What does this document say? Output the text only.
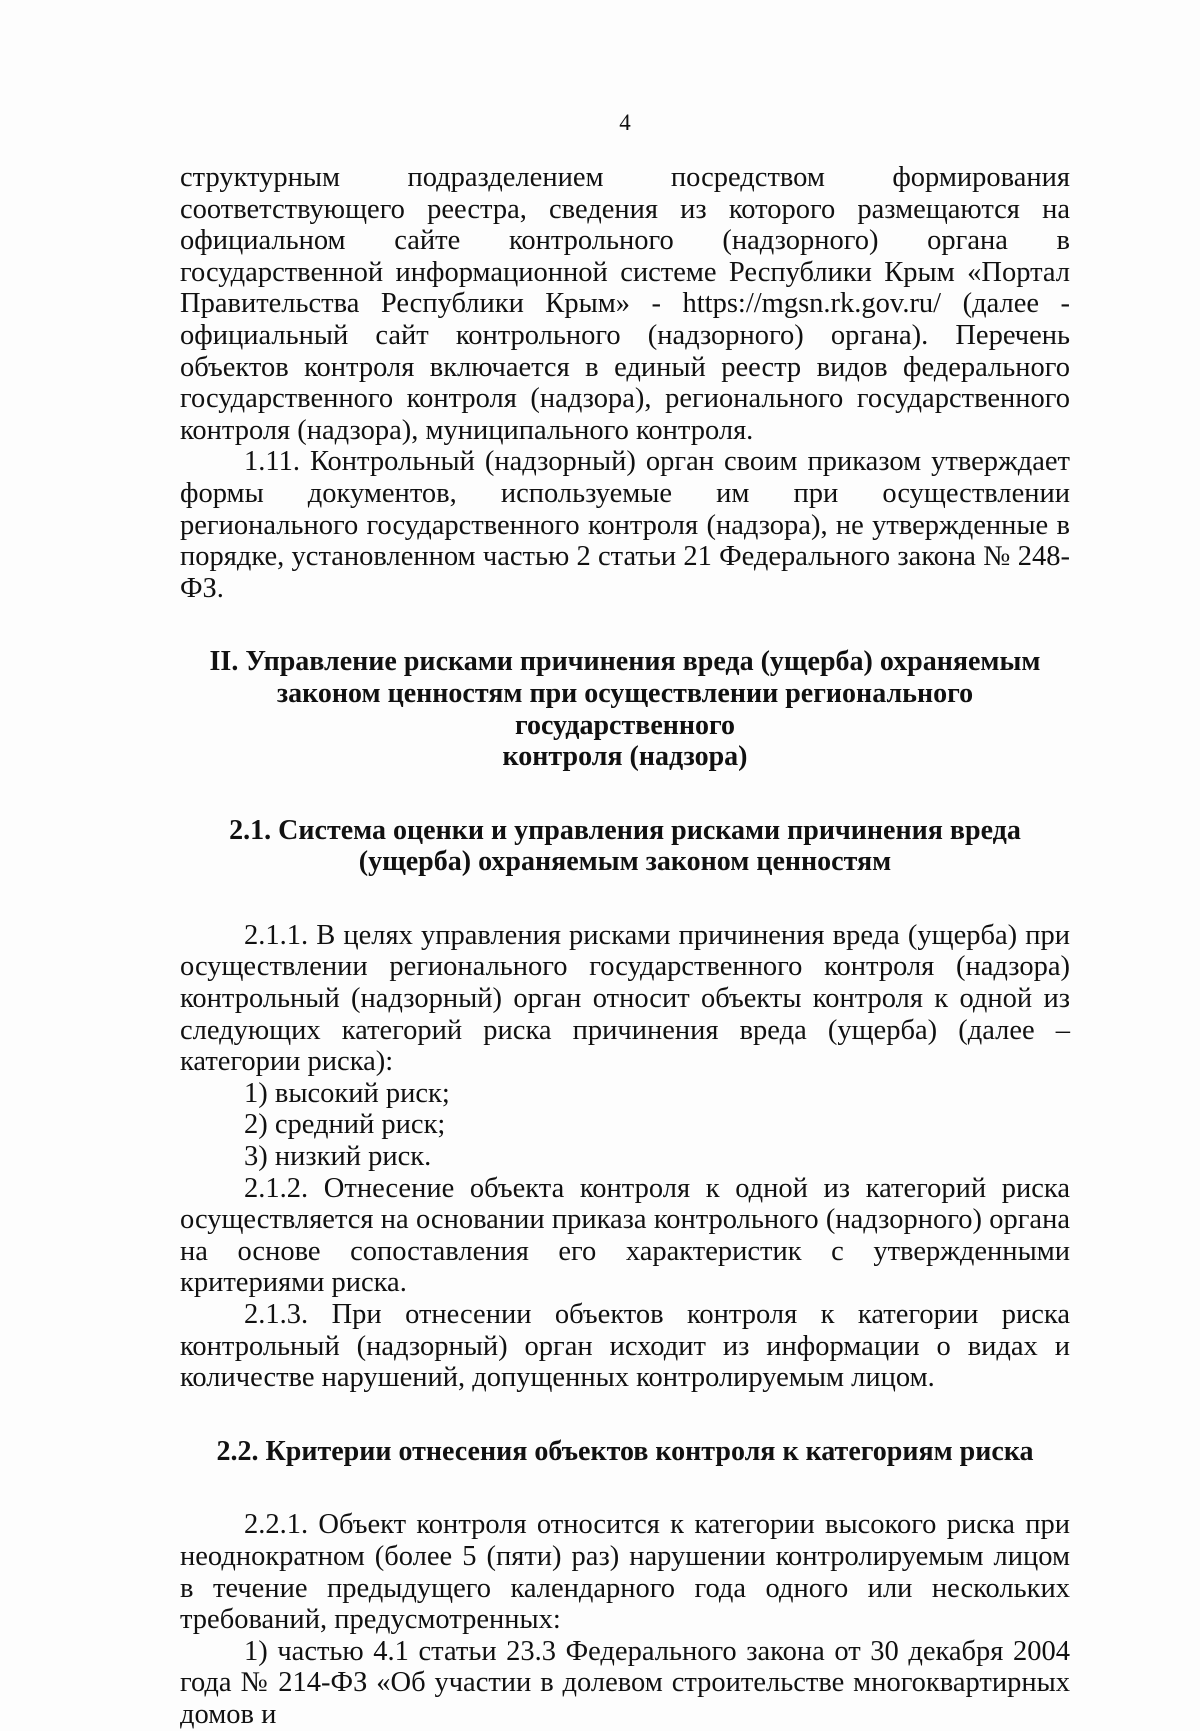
4

структурным подразделением посредством формирования соответствующего реестра, сведения из которого размещаются на официальном сайте контрольного (надзорного) органа в государственной информационной системе Республики Крым «Портал Правительства Республики Крым» - https://mgsn.rk.gov.ru/ (далее - официальный сайт контрольного (надзорного) органа). Перечень объектов контроля включается в единый реестр видов федерального государственного контроля (надзора), регионального государственного контроля (надзора), муниципального контроля.

1.11. Контрольный (надзорный) орган своим приказом утверждает формы документов, используемые им при осуществлении регионального государственного контроля (надзора), не утвержденные в порядке, установленном частью 2 статьи 21 Федерального закона № 248-ФЗ.

II. Управление рисками причинения вреда (ущерба) охраняемым
законом ценностям при осуществлении регионального государственного
контроля (надзора)
2.1. Система оценки и управления рисками причинения вреда
(ущерба) охраняемым законом ценностям

2.1.1. В целях управления рисками причинения вреда (ущерба) при осуществлении регионального государственного контроля (надзора) контрольный (надзорный) орган относит объекты контроля к одной из следующих категорий риска причинения вреда (ущерба) (далее – категории риска):

1) высокий риск;

2) средний риск;

3) низкий риск.

2.1.2. Отнесение объекта контроля к одной из категорий риска осуществляется на основании приказа контрольного (надзорного) органа на основе сопоставления его характеристик с утвержденными критериями риска.

2.1.3. При отнесении объектов контроля к категории риска контрольный (надзорный) орган исходит из информации о видах и количестве нарушений, допущенных контролируемым лицом.

2.2. Критерии отнесения объектов контроля к категориям риска

2.2.1. Объект контроля относится к категории высокого риска при неоднократном (более 5 (пяти) раз) нарушении контролируемым лицом в течение предыдущего календарного года одного или нескольких требований, предусмотренных:

1) частью 4.1 статьи 23.3 Федерального закона от 30 декабря 2004 года № 214-ФЗ «Об участии в долевом строительстве многоквартирных домов и
